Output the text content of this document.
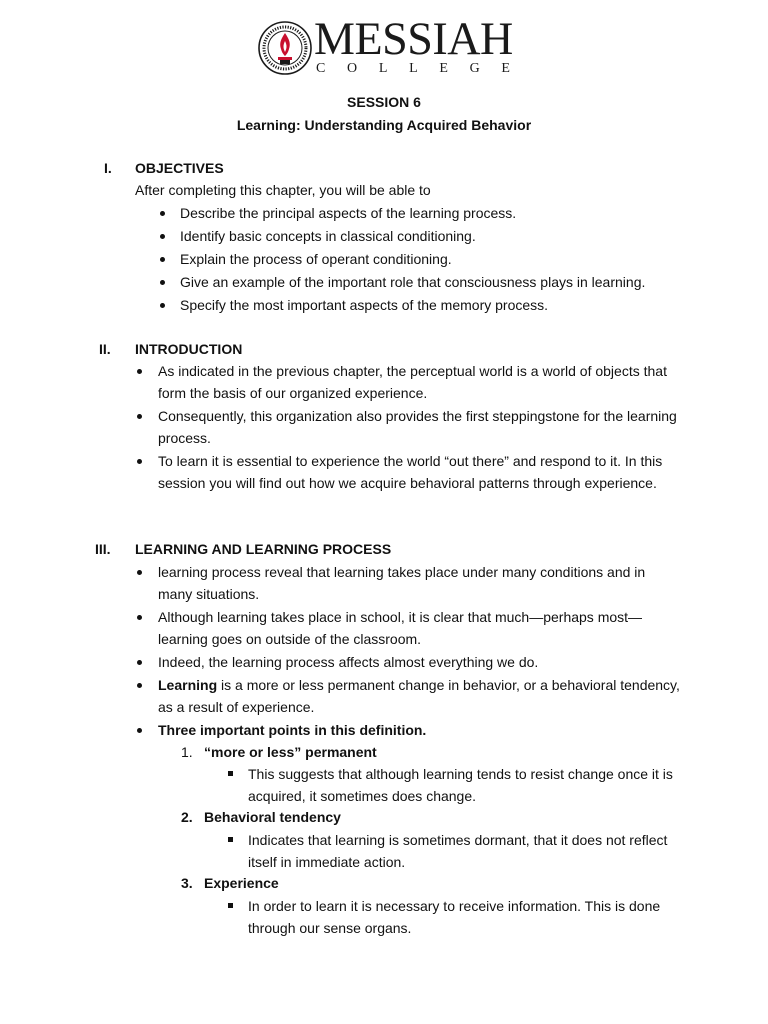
MESSIAH
C O L L E G E
SESSION 6
Learning: Understanding Acquired Behavior
I. OBJECTIVES
After completing this chapter, you will be able to
Describe the principal aspects of the learning process.
Identify basic concepts in classical conditioning.
Explain the process of operant conditioning.
Give an example of the important role that consciousness plays in learning.
Specify the most important aspects of the memory process.
II. INTRODUCTION
As indicated in the previous chapter, the perceptual world is a world of objects that form the basis of our organized experience.
Consequently, this organization also provides the first steppingstone for the learning process.
To learn it is essential to experience the world “out there” and respond to it. In this session you will find out how we acquire behavioral patterns through experience.
III. LEARNING AND LEARNING PROCESS
learning process reveal that learning takes place under many conditions and in many situations.
Although learning takes place in school, it is clear that much—perhaps most—learning goes on outside of the classroom.
Indeed, the learning process affects almost everything we do.
Learning is a more or less permanent change in behavior, or a behavioral tendency, as a result of experience.
Three important points in this definition.
1. “more or less” permanent
This suggests that although learning tends to resist change once it is acquired, it sometimes does change.
2. Behavioral tendency
Indicates that learning is sometimes dormant, that it does not reflect itself in immediate action.
3. Experience
In order to learn it is necessary to receive information. This is done through our sense organs.
